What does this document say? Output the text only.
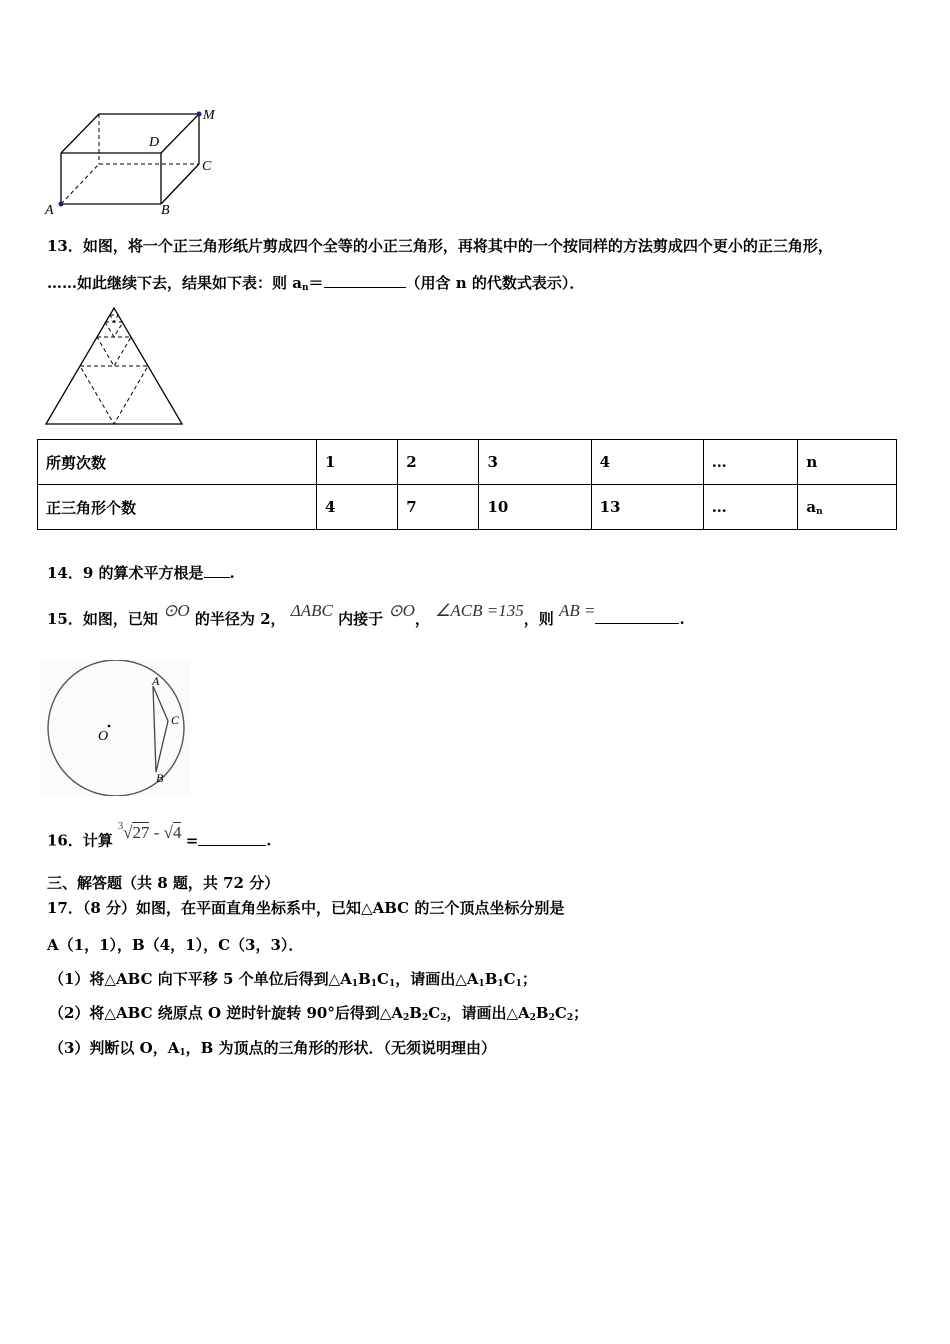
A	B
C
D
M
13．如图，将一个正三角形纸片剪成四个全等的小正三角形，再将其中的一个按同样的方法剪成四个更小的正三角形，
……如此继续下去，结果如下表：则 $a_n=$	（用含 n 的代数式表示）．
所剪次数	1	2	3	4	…	n
正三角形个数	4	7	10	13	…	$a_n$
14．9 的算术平方根是 .
15．如图，已知 ⊙O 的半径为 2， ΔABC 内接于 ⊙O， ∠ACB =135，则 AB =	.
A
C
B
O
16．计算 $^3$√27 - √4 =	.
三、解答题（共 8 题，共 72 分）
17．（8 分）如图，在平面直角坐标系中，已知△ABC 的三个顶点坐标分别是
A（1，1），B（4，1），C（3，3）．
（1）将△ABC 向下平移 5 个单位后得到$\triangle A_1B_1C_1$，请画出$\triangle A_1B_1C_1$；
（2）将△ABC 绕原点 O 逆时针旋转 90°后得到$\triangle A_2B_2C_2$，请画出$\triangle A_2B_2C_2$；
（3）判断以 O，$A_1$，B 为顶点的三角形的形状．（无须说明理由）
